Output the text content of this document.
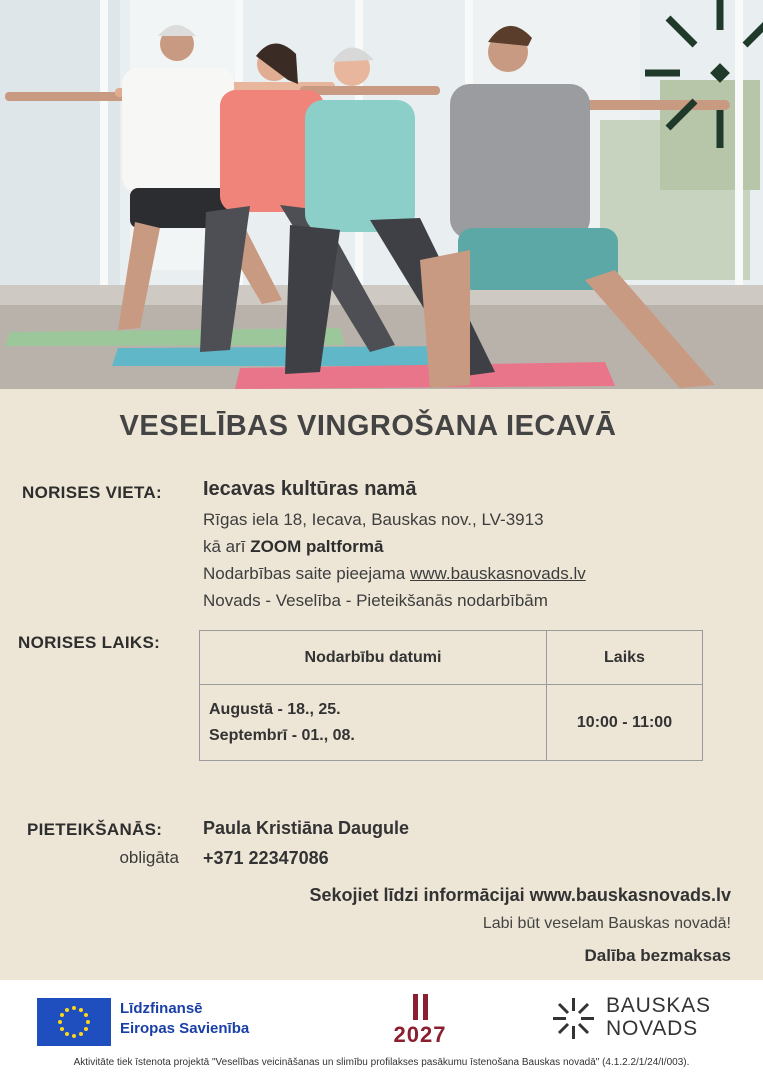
VESELĪBAS VINGROŠANA IECAVĀ
NORISES VIETA: Iecavas kultūras namā
Rīgas iela 18, Iecava, Bauskas nov., LV-3913
kā arī ZOOM paltformā
Nodarbības saite pieejama www.bauskasnovads.lv
Novads - Veselība - Pieteikšanās nodarbībām
NORISES LAIKS:
Nodarbību datumi	Laiks

Augustā - 18., 25.
Septembrī - 01., 08.	10:00 - 11:00
PIETEIKŠANĀS:
obligāta
Paula Kristiāna Daugule
+371 22347086
Sekojiet līdzi informācijai www.bauskasnovads.lv
Labi būt veselam Bauskas novadā!
Dalība bezmaksas
Līdzfinansē
Eiropas Savienība	2027
BAUSKAS
NOVADS
Aktivitāte tiek īstenota projektā "Veselības veicināšanas un slimību profilakses pasākumu īstenošana Bauskas novadā" (4.1.2.2/1/24/I/003).
